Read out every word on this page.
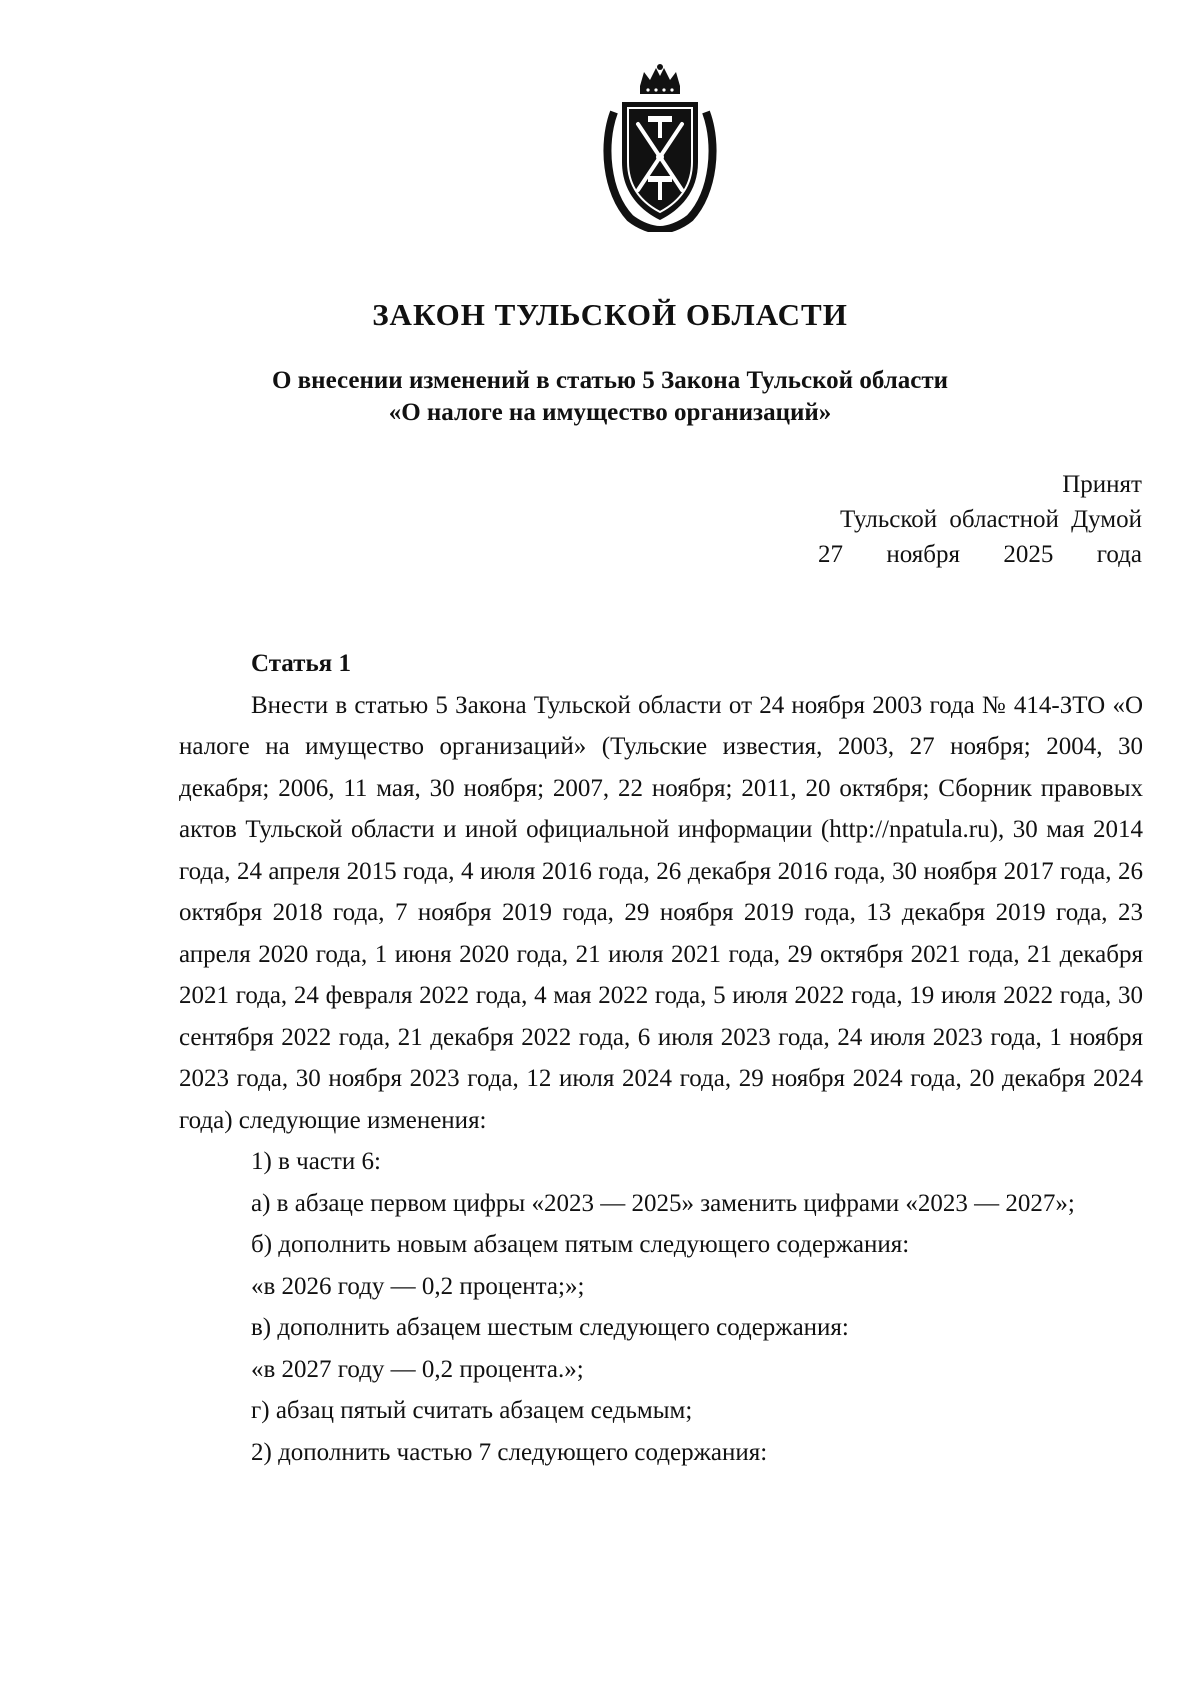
ЗАКОН ТУЛЬСКОЙ ОБЛАСТИ
О внесении изменений в статью 5 Закона Тульской области
«О налоге на имущество организаций»
Принят
Тульской областной Думой
27 ноября 2025 года

Статья 1

Внести в статью 5 Закона Тульской области от 24 ноября 2003 года № 414-ЗТО «О налоге на имущество организаций» (Тульские известия, 2003, 27 ноября; 2004, 30 декабря; 2006, 11 мая, 30 ноября; 2007, 22 ноября; 2011, 20 октября; Сборник правовых актов Тульской области и иной официальной информации (http://npatula.ru), 30 мая 2014 года, 24 апреля 2015 года, 4 июля 2016 года, 26 декабря 2016 года, 30 ноября 2017 года, 26 октября 2018 года, 7 ноября 2019 года, 29 ноября 2019 года, 13 декабря 2019 года, 23 апреля 2020 года, 1 июня 2020 года, 21 июля 2021 года, 29 октября 2021 года, 21 декабря 2021 года, 24 февраля 2022 года, 4 мая 2022 года, 5 июля 2022 года, 19 июля 2022 года, 30 сентября 2022 года, 21 декабря 2022 года, 6 июля 2023 года, 24 июля 2023 года, 1 ноября 2023 года, 30 ноября 2023 года, 12 июля 2024 года, 29 ноября 2024 года, 20 декабря 2024 года) следующие изменения:

1) в части 6:

а) в абзаце первом цифры «2023 — 2025» заменить цифрами «2023 — 2027»;

б) дополнить новым абзацем пятым следующего содержания:

«в 2026 году — 0,2 процента;»;

в) дополнить абзацем шестым следующего содержания:

«в 2027 году — 0,2 процента.»;

г) абзац пятый считать абзацем седьмым;

2) дополнить частью 7 следующего содержания:
